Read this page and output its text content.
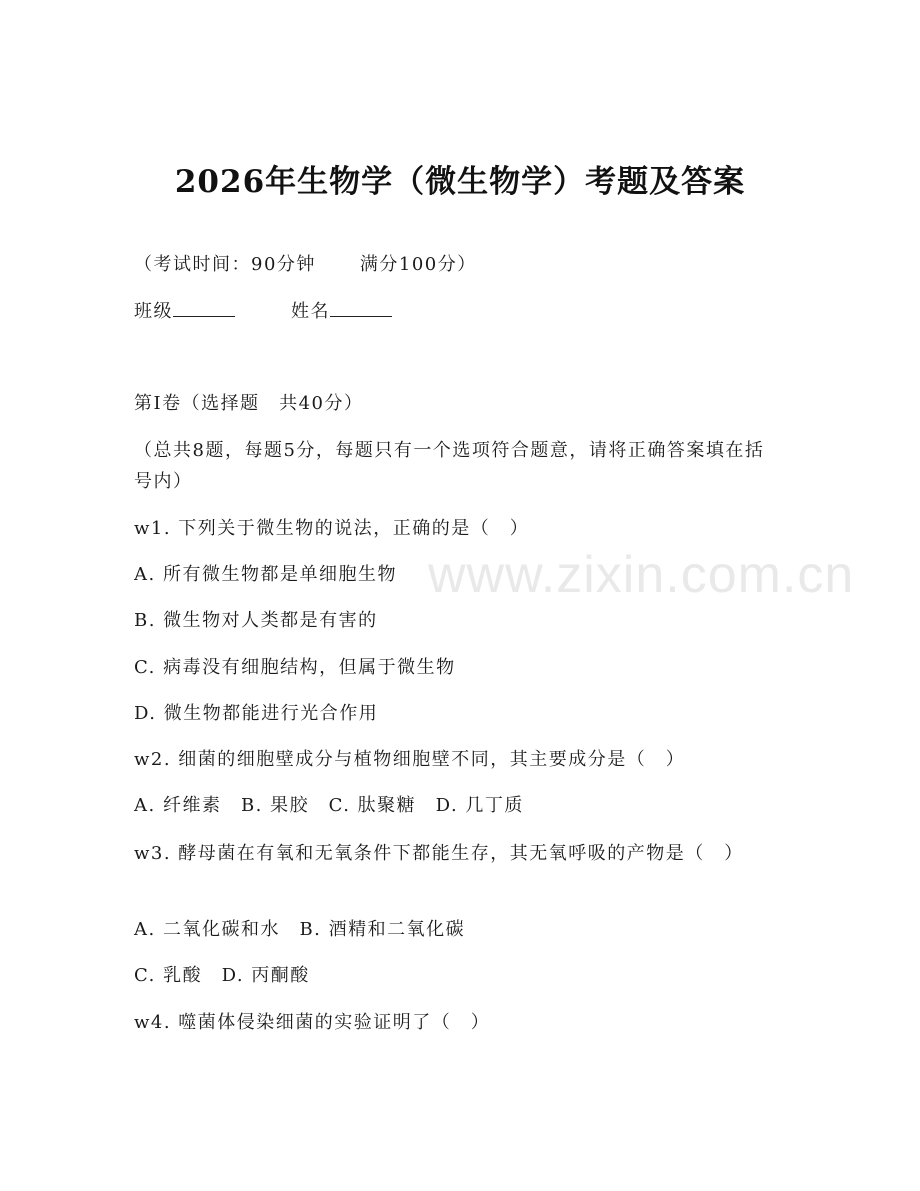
2026年生物学（微生物学）考题及答案
（考试时间：90分钟 满分100分）
班级	姓名
第Ⅰ卷（选择题　共40分）
（总共8题，每题5分，每题只有一个选项符合题意，请将正确答案填在括号内）
w1. 下列关于微生物的说法，正确的是（　）
A. 所有微生物都是单细胞生物
B. 微生物对人类都是有害的
C. 病毒没有细胞结构，但属于微生物
D. 微生物都能进行光合作用
w2. 细菌的细胞壁成分与植物细胞壁不同，其主要成分是（　）
A. 纤维素　B. 果胶　C. 肽聚糖　D. 几丁质
w3. 酵母菌在有氧和无氧条件下都能生存，其无氧呼吸的产物是（　）
A. 二氧化碳和水　B. 酒精和二氧化碳
C. 乳酸　D. 丙酮酸
w4. 噬菌体侵染细菌的实验证明了（　）
www.zixin.com.cn
